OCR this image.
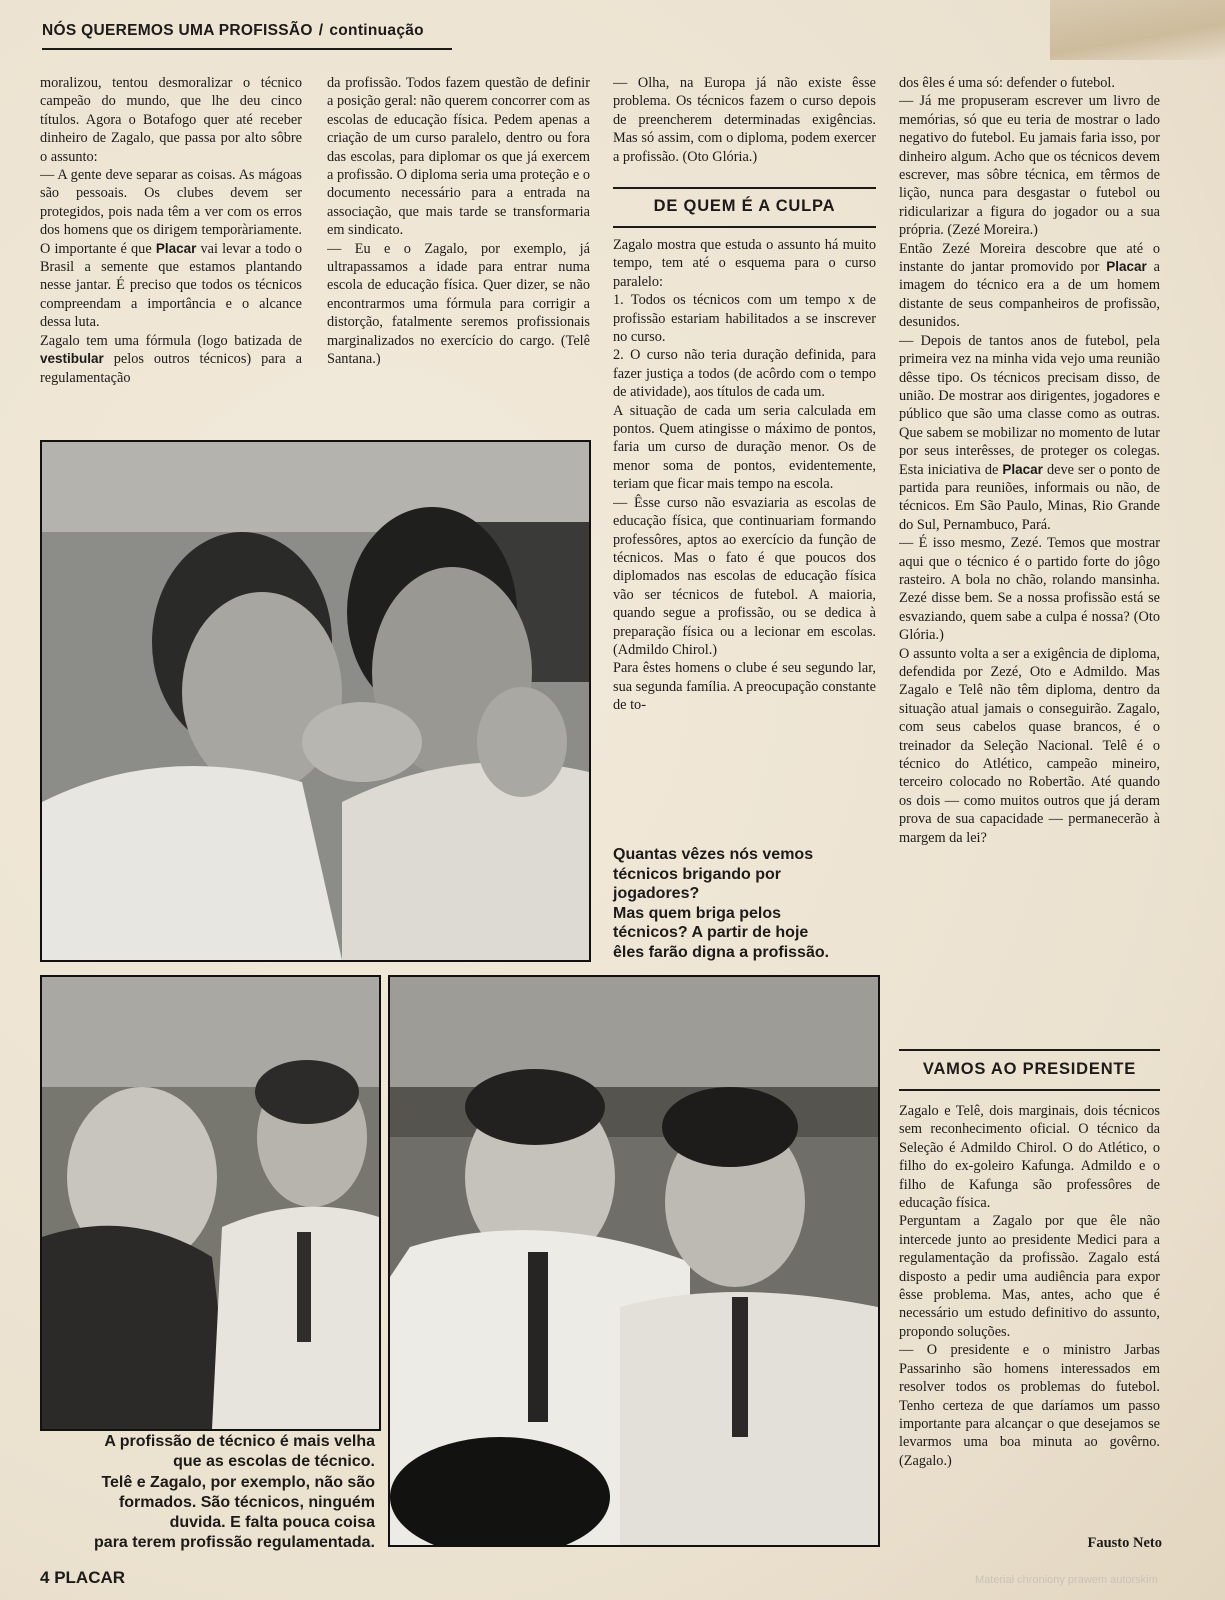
NÓS QUEREMOS UMA PROFISSÃO / continuação

moralizou, tentou desmoralizar o técnico campeão do mundo, que lhe deu cinco títulos. Agora o Botafogo quer até receber dinheiro de Zagalo, que passa por alto sôbre o assunto:

— A gente deve separar as coisas. As mágoas são pessoais. Os clubes devem ser protegidos, pois nada têm a ver com os erros dos homens que os dirigem temporàriamente. O importante é que Placar vai levar a todo o Brasil a semente que estamos plantando nesse jantar. É preciso que todos os técnicos compreendam a importância e o alcance dessa luta.

Zagalo tem uma fórmula (logo batizada de vestibular pelos outros técnicos) para a regulamentação

da profissão. Todos fazem questão de definir a posição geral: não querem concorrer com as escolas de educação física. Pedem apenas a criação de um curso paralelo, dentro ou fora das escolas, para diplomar os que já exercem a profissão. O diploma seria uma proteção e o documento necessário para a entrada na associação, que mais tarde se transformaria em sindicato.

— Eu e o Zagalo, por exemplo, já ultrapassamos a idade para entrar numa escola de educação física. Quer dizer, se não encontrarmos uma fórmula para corrigir a distorção, fatalmente seremos profissionais marginalizados no exercício do cargo. (Telê Santana.)

— Olha, na Europa já não existe êsse problema. Os técnicos fazem o curso depois de preencherem determinadas exigências. Mas só assim, com o diploma, podem exercer a profissão. (Oto Glória.)

DE QUEM É A CULPA

Zagalo mostra que estuda o assunto há muito tempo, tem até o esquema para o curso paralelo:

1. Todos os técnicos com um tempo x de profissão estariam habilitados a se inscrever no curso.

2. O curso não teria duração definida, para fazer justiça a todos (de acôrdo com o tempo de atividade), aos títulos de cada um.

A situação de cada um seria calculada em pontos. Quem atingisse o máximo de pontos, faria um curso de duração menor. Os de menor soma de pontos, evidentemente, teriam que ficar mais tempo na escola.

— Êsse curso não esvaziaria as escolas de educação física, que continuariam formando professôres, aptos ao exercício da função de técnicos. Mas o fato é que poucos dos diplomados nas escolas de educação física vão ser técnicos de futebol. A maioria, quando segue a profissão, ou se dedica à preparação física ou a lecionar em escolas. (Admildo Chirol.)

Para êstes homens o clube é seu segundo lar, sua segunda família. A preocupação constante de to-

Quantas vêzes nós vemos
técnicos brigando por
jogadores?
Mas quem briga pelos
técnicos? A partir de hoje
êles farão digna a profissão.

dos êles é uma só: defender o futebol.

— Já me propuseram escrever um livro de memórias, só que eu teria de mostrar o lado negativo do futebol. Eu jamais faria isso, por dinheiro algum. Acho que os técnicos devem escrever, mas sôbre técnica, em têrmos de lição, nunca para desgastar o futebol ou ridicularizar a figura do jogador ou a sua própria. (Zezé Moreira.)

Então Zezé Moreira descobre que até o instante do jantar promovido por Placar a imagem do técnico era a de um homem distante de seus companheiros de profissão, desunidos.

— Depois de tantos anos de futebol, pela primeira vez na minha vida vejo uma reunião dêsse tipo. Os técnicos precisam disso, de união. De mostrar aos dirigentes, jogadores e público que são uma classe como as outras. Que sabem se mobilizar no momento de lutar por seus interêsses, de proteger os colegas. Esta iniciativa de Placar deve ser o ponto de partida para reuniões, informais ou não, de técnicos. Em São Paulo, Minas, Rio Grande do Sul, Pernambuco, Pará.

— É isso mesmo, Zezé. Temos que mostrar aqui que o técnico é o partido forte do jôgo rasteiro. A bola no chão, rolando mansinha. Zezé disse bem. Se a nossa profissão está se esvaziando, quem sabe a culpa é nossa? (Oto Glória.)

O assunto volta a ser a exigência de diploma, defendida por Zezé, Oto e Admildo. Mas Zagalo e Telê não têm diploma, dentro da situação atual jamais o conseguirão. Zagalo, com seus cabelos quase brancos, é o treinador da Seleção Nacional. Telê é o técnico do Atlético, campeão mineiro, terceiro colocado no Robertão. Até quando os dois — como muitos outros que já deram prova de sua capacidade — permanecerão à margem da lei?

VAMOS AO PRESIDENTE

Zagalo e Telê, dois marginais, dois técnicos sem reconhecimento oficial. O técnico da Seleção é Admildo Chirol. O do Atlético, o filho do ex-goleiro Kafunga. Admildo e o filho de Kafunga são professôres de educação física.

Perguntam a Zagalo por que êle não intercede junto ao presidente Medici para a regulamentação da profissão. Zagalo está disposto a pedir uma audiência para expor êsse problema. Mas, antes, acho que é necessário um estudo definitivo do assunto, propondo soluções.

— O presidente e o ministro Jarbas Passarinho são homens interessados em resolver todos os problemas do futebol. Tenho certeza de que daríamos um passo importante para alcançar o que desejamos se levarmos uma boa minuta ao govêrno. (Zagalo.)

A profissão de técnico é mais velha
que as escolas de técnico.
Telê e Zagalo, por exemplo, não são
formados. São técnicos, ninguém
duvida. E falta pouca coisa
para terem profissão regulamentada.	Fausto Neto
4 PLACAR	Materiał chroniony prawem autorskim
